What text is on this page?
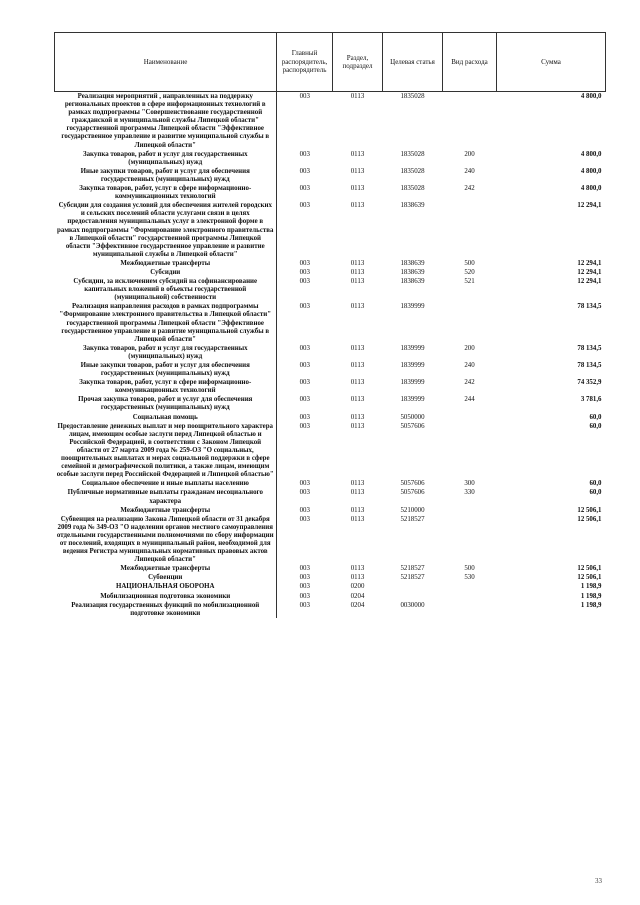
Наименование	Главный распорядитель, распорядитель	Раздел, подраздел	Целевая статья	Вид расхода	Сумма
Реализация мероприятий , направленных на поддержку региональных проектов в сфере информационных технологий в рамках подпрограммы "Совершенствование государственной гражданской и муниципальной службы Липецкой области" государственной программы Липецкой области "Эффективное государственное управление и развитие муниципальной службы в Липецкой области"	003	0113	1835028		4 800,0
Закупка товаров, работ и услуг для государственных (муниципальных) нужд	003	0113	1835028	200	4 800,0
Иные закупки товаров, работ и услуг для обеспечения государственных (муниципальных) нужд	003	0113	1835028	240	4 800,0
Закупка товаров, работ, услуг в сфере информационно-коммуникационных технологий	003	0113	1835028	242	4 800,0
Субсидии для создания условий для обеспечения жителей городских и сельских поселений области услугами связи в целях предоставления муниципальных услуг в электронной форме в рамках подпрограммы "Формирование электронного правительства в Липецкой области" государственной программы Липецкой области "Эффективное государственное управление и развитие муниципальной службы в Липецкой области"	003	0113	1838639		12 294,1
Межбюджетные трансферты	003	0113	1838639	500	12 294,1
Субсидии	003	0113	1838639	520	12 294,1
Субсидии, за исключением субсидий на софинансирование капитальных вложений в объекты государственной (муниципальной) собственности	003	0113	1838639	521	12 294,1
Реализация направления расходов в рамках подпрограммы "Формирование электронного правительства в Липецкой области" государственной программы Липецкой области "Эффективное государственное управление и развитие муниципальной службы в Липецкой области"	003	0113	1839999		78 134,5
Закупка товаров, работ и услуг для государственных (муниципальных) нужд	003	0113	1839999	200	78 134,5
Иные закупки товаров, работ и услуг для обеспечения государственных (муниципальных) нужд	003	0113	1839999	240	78 134,5
Закупка товаров, работ, услуг в сфере информационно-коммуникационных технологий	003	0113	1839999	242	74 352,9
Прочая закупка товаров, работ и услуг для обеспечения государственных (муниципальных) нужд	003	0113	1839999	244	3 781,6
Социальная помощь	003	0113	5050000		60,0
Предоставление денежных выплат и мер поощрительного характера лицам, имеющим особые заслуги перед Липецкой областью и Российской Федерацией, в соответствии с Законом Липецкой области от 27 марта 2009 года № 259-ОЗ "О социальных, поощрительных выплатах и мерах социальной поддержки в сфере семейной и демографической политики, а также лицам, имеющим особые заслуги перед Российской Федерацией и Липецкой областью"	003	0113	5057606		60,0
Социальное обеспечение и иные выплаты населению	003	0113	5057606	300	60,0
Публичные нормативные выплаты гражданам несоциального характера	003	0113	5057606	330	60,0
Межбюджетные трансферты	003	0113	5210000		12 506,1
Субвенция на реализацию Закона Липецкой области от 31 декабря 2009 года № 349-ОЗ "О наделении органов местного самоуправления отдельными государственными полномочиями по сбору информации от поселений, входящих в муниципальный район, необходимой для ведения Регистра муниципальных нормативных правовых актов Липецкой области"	003	0113	5218527		12 506,1
Межбюджетные трансферты	003	0113	5218527	500	12 506,1
Субвенции	003	0113	5218527	530	12 506,1
НАЦИОНАЛЬНАЯ ОБОРОНА	003	0200			1 198,9
Мобилизационная подготовка экономики	003	0204			1 198,9
Реализация государственных функций по мобилизационной подготовке экономики	003	0204	0030000		1 198,9
33
